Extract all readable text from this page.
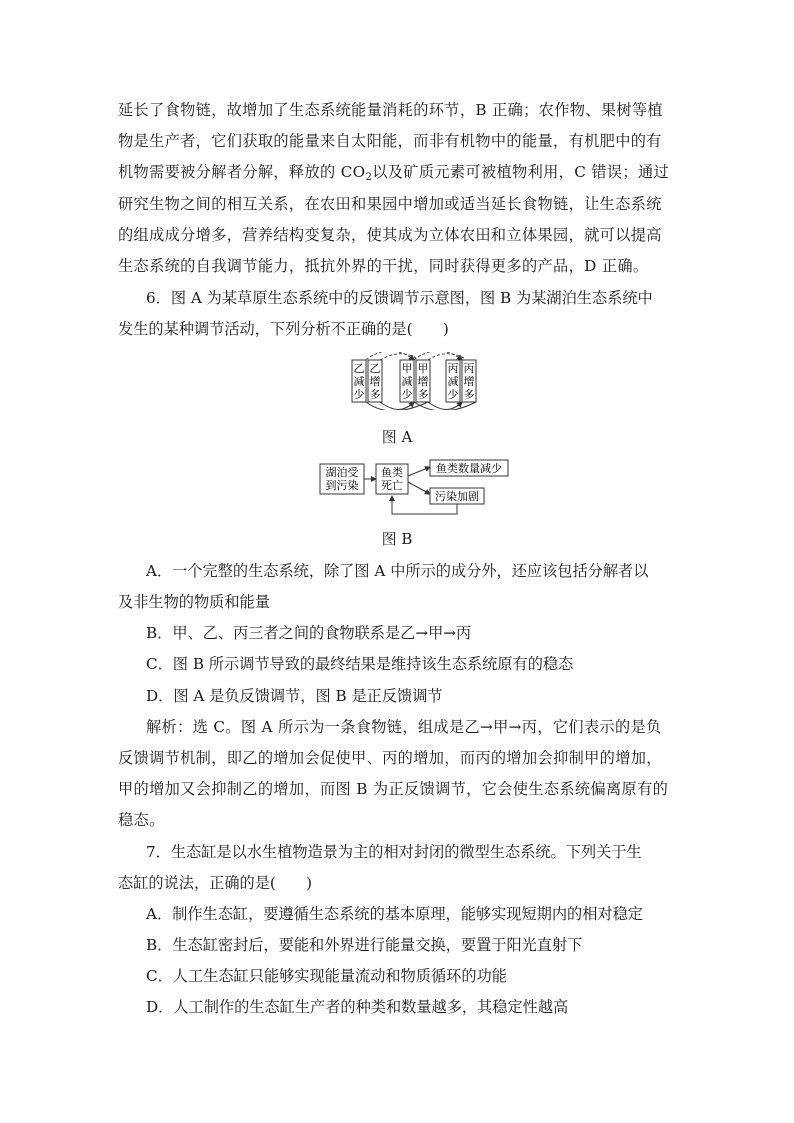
延长了食物链，故增加了生态系统能量消耗的环节，B 正确；农作物、果树等植
物是生产者，它们获取的能量来自太阳能，而非有机物中的能量，有机肥中的有
机物需要被分解者分解，释放的 $CO_2$以及矿质元素可被植物利用，C 错误；通过
研究生物之间的相互关系，在农田和果园中增加或适当延长食物链，让生态系统
的组成成分增多，营养结构变复杂，使其成为立体农田和立体果园，就可以提高
生态系统的自我调节能力，抵抗外界的干扰，同时获得更多的产品，D 正确。
6．图 A 为某草原生态系统中的反馈调节示意图，图 B 为某湖泊生态系统中
发生的某种调节活动，下列分析不正确的是(　　)
乙
减
少
乙
增
多
甲
减
少
甲
增
多
丙
减
少
丙
增
多
图 A
湖泊受
到污染
鱼类
死亡
鱼类数量减少
污染加剧
图 B
A．一个完整的生态系统，除了图 A 中所示的成分外，还应该包括分解者以
及非生物的物质和能量
B．甲、乙、丙三者之间的食物联系是乙→甲→丙
C．图 B 所示调节导致的最终结果是维持该生态系统原有的稳态
D．图 A 是负反馈调节，图 B 是正反馈调节
解析：选 C。图 A 所示为一条食物链，组成是乙→甲→丙，它们表示的是负
反馈调节机制，即乙的增加会促使甲、丙的增加，而丙的增加会抑制甲的增加，
甲的增加又会抑制乙的增加，而图 B 为正反馈调节，它会使生态系统偏离原有的
稳态。
7．生态缸是以水生植物造景为主的相对封闭的微型生态系统。下列关于生
态缸的说法，正确的是(　　)
A．制作生态缸，要遵循生态系统的基本原理，能够实现短期内的相对稳定
B．生态缸密封后，要能和外界进行能量交换，要置于阳光直射下
C．人工生态缸只能够实现能量流动和物质循环的功能
D．人工制作的生态缸生产者的种类和数量越多，其稳定性越高
